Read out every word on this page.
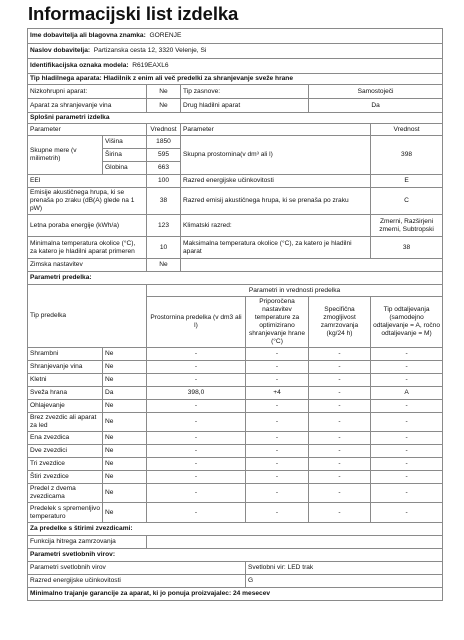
Informacijski list izdelka
Ime dobavitelja ali blagovna znamka: GORENJE						
Naslov dobavitelja: Partizanska cesta 12, 3320 Velenje, Si						
Identifikacijska oznaka modela: R619EAXL6						
Tip hladilnega aparata: Hladilnik z enim ali več predelki za shranjevanje sveže hrane						
Nizkohrupni aparat:		Ne	Tip zasnove:		Samostoječi	
Aparat za shranjevanje vina		Ne	Drug hladilni aparat		Da	
Splošni parametri izdelka						
Parameter		Vrednost	Parameter			Vrednost
Skupne mere (v milimetrih)	Višina	1850	Skupna prostornina(v dm³ ali l)			398
	Širina	595				
	Globina	663				
EEI		100	Razred energijske učinkovitosti			E
Emisije akustičnega hrupa, ki se prenaša po zraku (dB(A) glede na 1 pW)		38	Razred emisij akustičnega hrupa, ki se prenaša po zraku			C
Letna poraba energije (kWh/a)		123	Klimatski razred:			Zmerni, Razširjeni zmerni, Subtropski
Minimalna temperatura okolice (°C), za katero je hladilni aparat primeren		10	Maksimalna temperatura okolice (°C), za katero je hladilni aparat			38
Zimska nastavitev		Ne				
Parametri predelka:						
Tip predelka		Parametri in vrednosti predelka				
		Prostornina predelka (v dm3 ali l)		Priporočena nastavitev temperature za optimizirano shranjevanje hrane (°C)	Specifična zmogljivost zamrzovanja (kg/24 h)	Tip odtaljevanja (samodejno odtaljevanje = A, ročno odtaljevanje = M)
Shrambni	Ne	-		-	-	-
Shranjevanje vina	Ne	-		-	-	-
Kletni	Ne	-		-	-	-
Sveža hrana	Da	398,0		+4	-	A
Ohlajevanje	Ne	-		-	-	-
Brez zvezdic ali aparat za led	Ne	-		-	-	-
Ena zvezdica	Ne	-		-	-	-
Dve zvezdici	Ne	-		-	-	-
Tri zvezdice	Ne	-		-	-	-
Štiri zvezdice	Ne	-		-	-	-
Predel z dvema zvezdicama	Ne	-		-	-	-
Predelek s spremenljivo temperaturo	Ne	-		-	-	-
Za predelke s štirimi zvezdicami:						
Funkcija hitrega zamrzovanja						
Parametri svetlobnih virov:						
Parametri svetlobnih virov				Svetlobni vir: LED trak		
Razred energijske učinkovitosti				G		
Minimalno trajanje garancije za aparat, ki jo ponuja proizvajalec: 24 mesecev						
